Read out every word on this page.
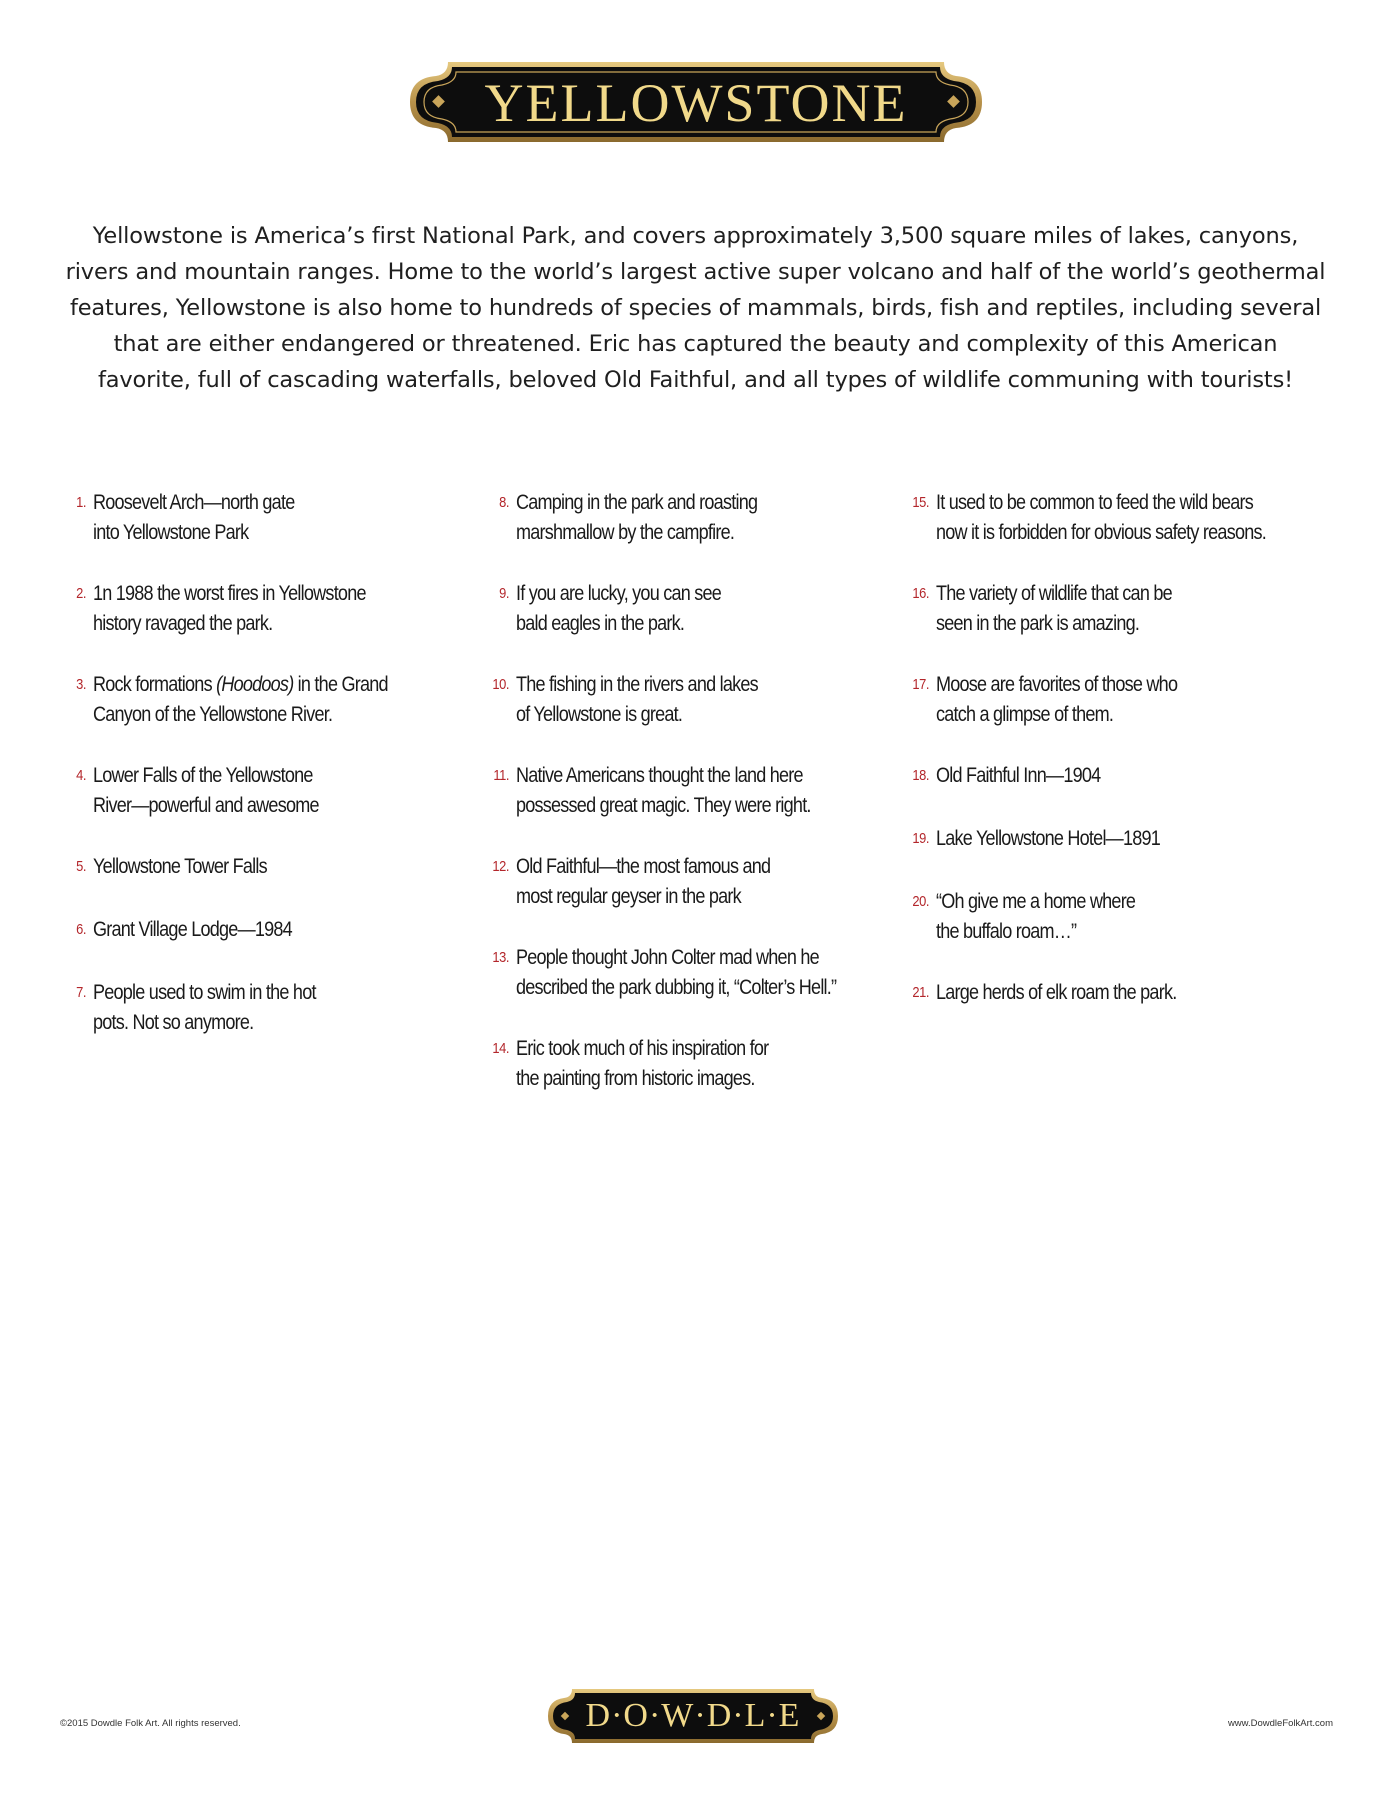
YELLOWSTONE
Yellowstone is America’s first National Park, and covers approximately 3,500 square miles of lakes, canyons,
rivers and mountain ranges. Home to the world’s largest active super volcano and half of the world’s geothermal
features, Yellowstone is also home to hundreds of species of mammals, birds, fish and reptiles, including several
that are either endangered or threatened. Eric has captured the beauty and complexity of this American
favorite, full of cascading waterfalls, beloved Old Faithful, and all types of wildlife communing with tourists!
1. Roosevelt Arch—north gate
into Yellowstone Park
2. 1n 1988 the worst fires in Yellowstone
history ravaged the park.
3. Rock formations (Hoodoos) in the Grand
Canyon of the Yellowstone River.
4. Lower Falls of the Yellowstone
River—powerful and awesome
5. Yellowstone Tower Falls
6. Grant Village Lodge—1984
7. People used to swim in the hot
pots. Not so anymore.
8. Camping in the park and roasting
marshmallow by the campfire.
9. If you are lucky, you can see
bald eagles in the park.
10. The fishing in the rivers and lakes
of Yellowstone is great.
11. Native Americans thought the land here
possessed great magic. They were right.
12. Old Faithful—the most famous and
most regular geyser in the park
13. People thought John Colter mad when he
described the park dubbing it, “Colter’s Hell.”
14. Eric took much of his inspiration for
the painting from historic images.
15. It used to be common to feed the wild bears
now it is forbidden for obvious safety reasons.
16. The variety of wildlife that can be
seen in the park is amazing.
17. Moose are favorites of those who
catch a glimpse of them.
18. Old Faithful Inn—1904
19. Lake Yellowstone Hotel—1891
20. “Oh give me a home where
the buffalo roam…”
21. Large herds of elk roam the park.
©2015 Dowdle Folk Art. All rights reserved.	D·O·W·D·L·E	www.DowdleFolkArt.com
